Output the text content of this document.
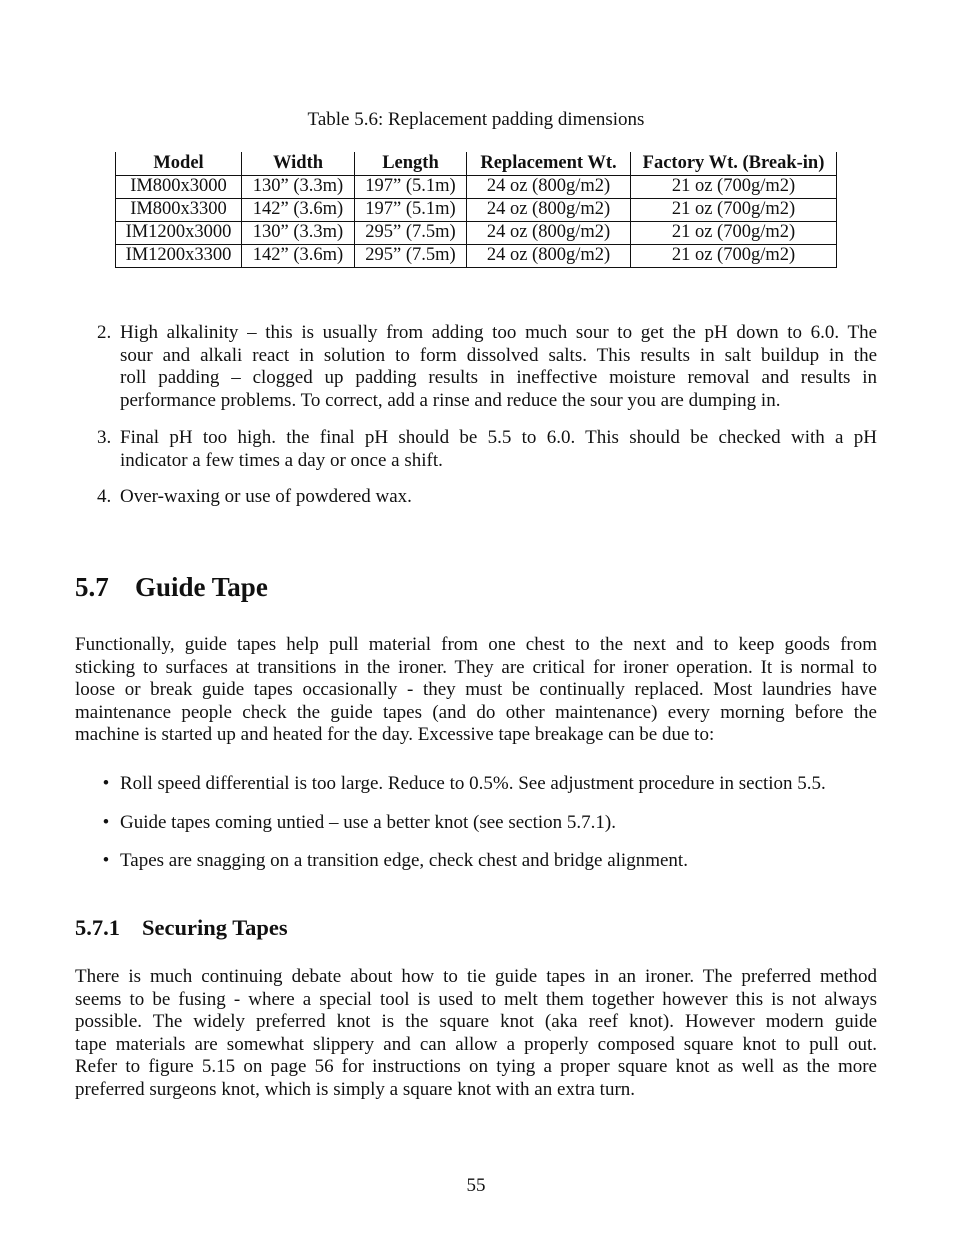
Table 5.6: Replacement padding dimensions
Model	Width	Length	Replacement Wt.	Factory Wt. (Break-in)
IM800x3000	130” (3.3m)	197” (5.1m)	24 oz (800g/m2)	21 oz (700g/m2)
IM800x3300	142” (3.6m)	197” (5.1m)	24 oz (800g/m2)	21 oz (700g/m2)
IM1200x3000	130” (3.3m)	295” (7.5m)	24 oz (800g/m2)	21 oz (700g/m2)
IM1200x3300	142” (3.6m)	295” (7.5m)	24 oz (800g/m2)	21 oz (700g/m2)
2. High alkalinity – this is usually from adding too much sour to get the pH down to 6.0. The
sour and alkali react in solution to form dissolved salts. This results in salt buildup in the
roll padding – clogged up padding results in ineffective moisture removal and results in
performance problems. To correct, add a rinse and reduce the sour you are dumping in.
3. Final pH too high. the final pH should be 5.5 to 6.0. This should be checked with a pH
indicator a few times a day or once a shift.
4. Over-waxing or use of powdered wax.
5.7 Guide Tape
Functionally, guide tapes help pull material from one chest to the next and to keep goods from
sticking to surfaces at transitions in the ironer. They are critical for ironer operation. It is normal to
loose or break guide tapes occasionally - they must be continually replaced. Most laundries have
maintenance people check the guide tapes (and do other maintenance) every morning before the
machine is started up and heated for the day. Excessive tape breakage can be due to:
• Roll speed differential is too large. Reduce to 0.5%. See adjustment procedure in section 5.5.
• Guide tapes coming untied – use a better knot (see section 5.7.1).
• Tapes are snagging on a transition edge, check chest and bridge alignment.
5.7.1 Securing Tapes
There is much continuing debate about how to tie guide tapes in an ironer. The preferred method
seems to be fusing - where a special tool is used to melt them together however this is not always
possible. The widely preferred knot is the square knot (aka reef knot). However modern guide
tape materials are somewhat slippery and can allow a properly composed square knot to pull out.
Refer to figure 5.15 on page 56 for instructions on tying a proper square knot as well as the more
preferred surgeons knot, which is simply a square knot with an extra turn.
55
